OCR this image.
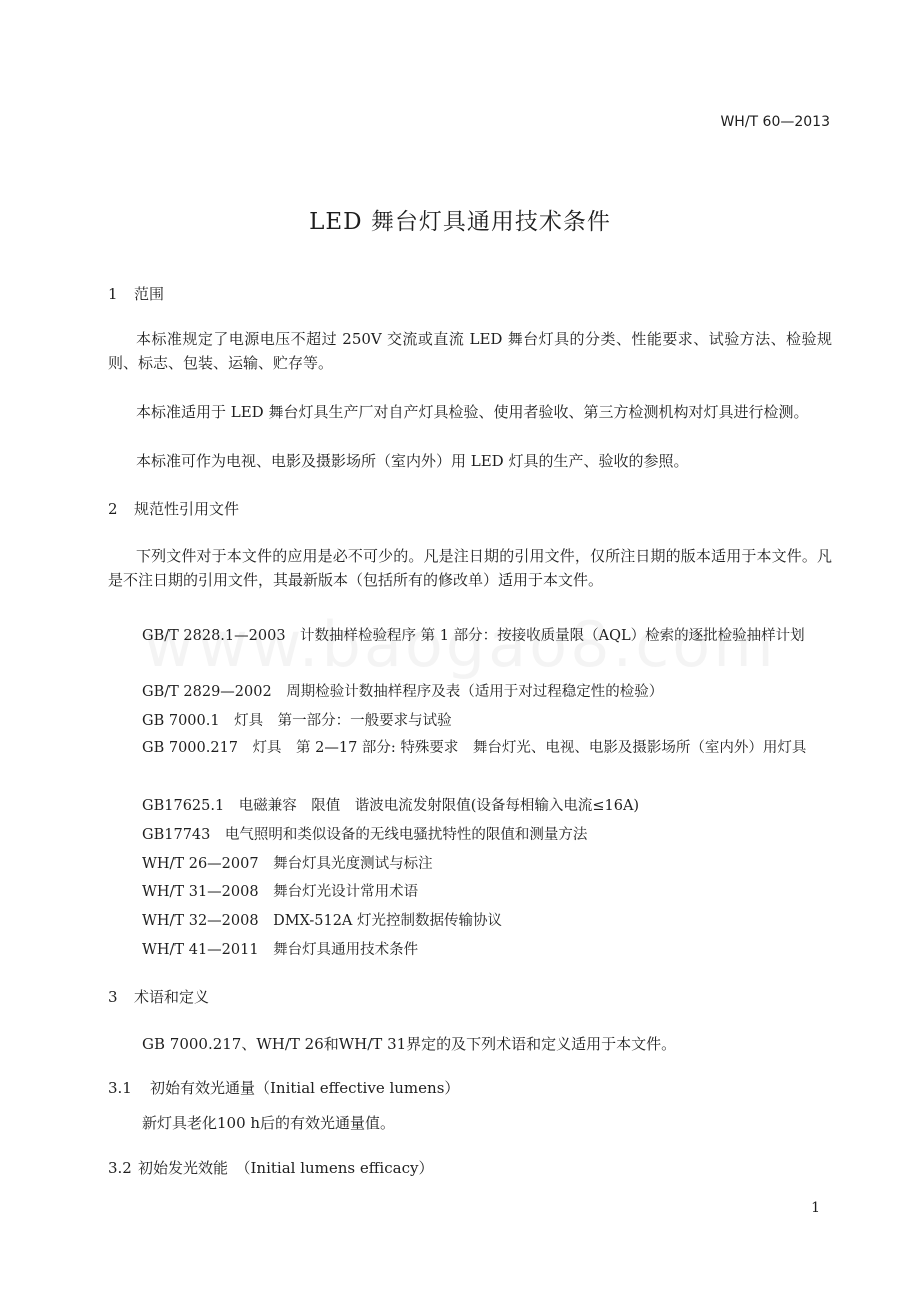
WH/T 60—2013
LED 舞台灯具通用技术条件
1 范围
本标准规定了电源电压不超过 250V 交流或直流 LED 舞台灯具的分类、性能要求、试验方法、检验规则、标志、包装、运输、贮存等。
本标准适用于 LED 舞台灯具生产厂对自产灯具检验、使用者验收、第三方检测机构对灯具进行检测。
本标准可作为电视、电影及摄影场所（室内外）用 LED 灯具的生产、验收的参照。
2 规范性引用文件
下列文件对于本文件的应用是必不可少的。凡是注日期的引用文件，仅所注日期的版本适用于本文件。凡是不注日期的引用文件，其最新版本（包括所有的修改单）适用于本文件。
GB/T 2828.1—2003　计数抽样检验程序 第 1 部分：按接收质量限（AQL）检索的逐批检验抽样计划
GB/T 2829—2002　周期检验计数抽样程序及表（适用于对过程稳定性的检验）
GB 7000.1　灯具　第一部分：一般要求与试验
GB 7000.217　灯具　第 2—17 部分: 特殊要求　舞台灯光、电视、电影及摄影场所（室内外）用灯具
GB17625.1　电磁兼容　限值　谐波电流发射限值(设备每相输入电流≤16A)
GB17743　电气照明和类似设备的无线电骚扰特性的限值和测量方法
WH/T 26—2007　舞台灯具光度测试与标注
WH/T 31—2008　舞台灯光设计常用术语
WH/T 32—2008　DMX-512A 灯光控制数据传输协议
WH/T 41—2011　舞台灯具通用技术条件
3 术语和定义
GB 7000.217、WH/T 26和WH/T 31界定的及下列术语和定义适用于本文件。
3.1 初始有效光通量（Initial effective lumens）
新灯具老化100 h后的有效光通量值。
3.2 初始发光效能　（Initial lumens efficacy）
1
